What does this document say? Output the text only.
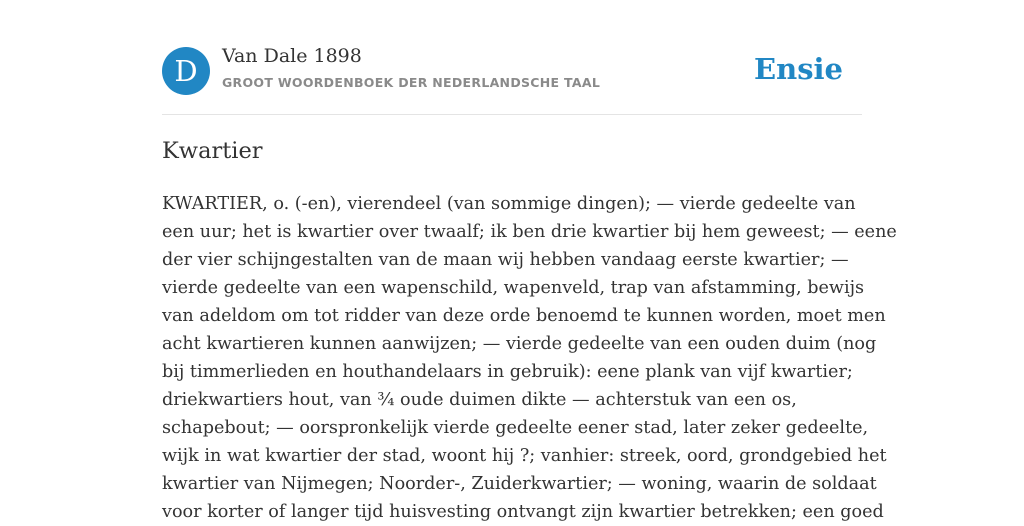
D	Van Dale 1898
GROOT WOORDENBOEK DER NEDERLANDSCHE TAAL	Ensie
Kwartier
KWARTIER, o. (-en), vierendeel (van sommige dingen); — vierde gedeelte van
een uur; het is kwartier over twaalf; ik ben drie kwartier bij hem geweest; — eene
der vier schijngestalten van de maan wij hebben vandaag eerste kwartier; —
vierde gedeelte van een wapenschild, wapenveld, trap van afstamming, bewijs
van adeldom om tot ridder van deze orde benoemd te kunnen worden, moet men
acht kwartieren kunnen aanwijzen; — vierde gedeelte van een ouden duim (nog
bij timmerlieden en houthandelaars in gebruik): eene plank van vijf kwartier;
driekwartiers hout, van ¾ oude duimen dikte — achterstuk van een os,
schapebout; — oorspronkelijk vierde gedeelte eener stad, later zeker gedeelte,
wijk in wat kwartier der stad, woont hij ?; vanhier: streek, oord, grondgebied het
kwartier van Nijmegen; Noorder-, Zuiderkwartier; — woning, waarin de soldaat
voor korter of langer tijd huisvesting ontvangt zijn kwartier betrekken; een goed
